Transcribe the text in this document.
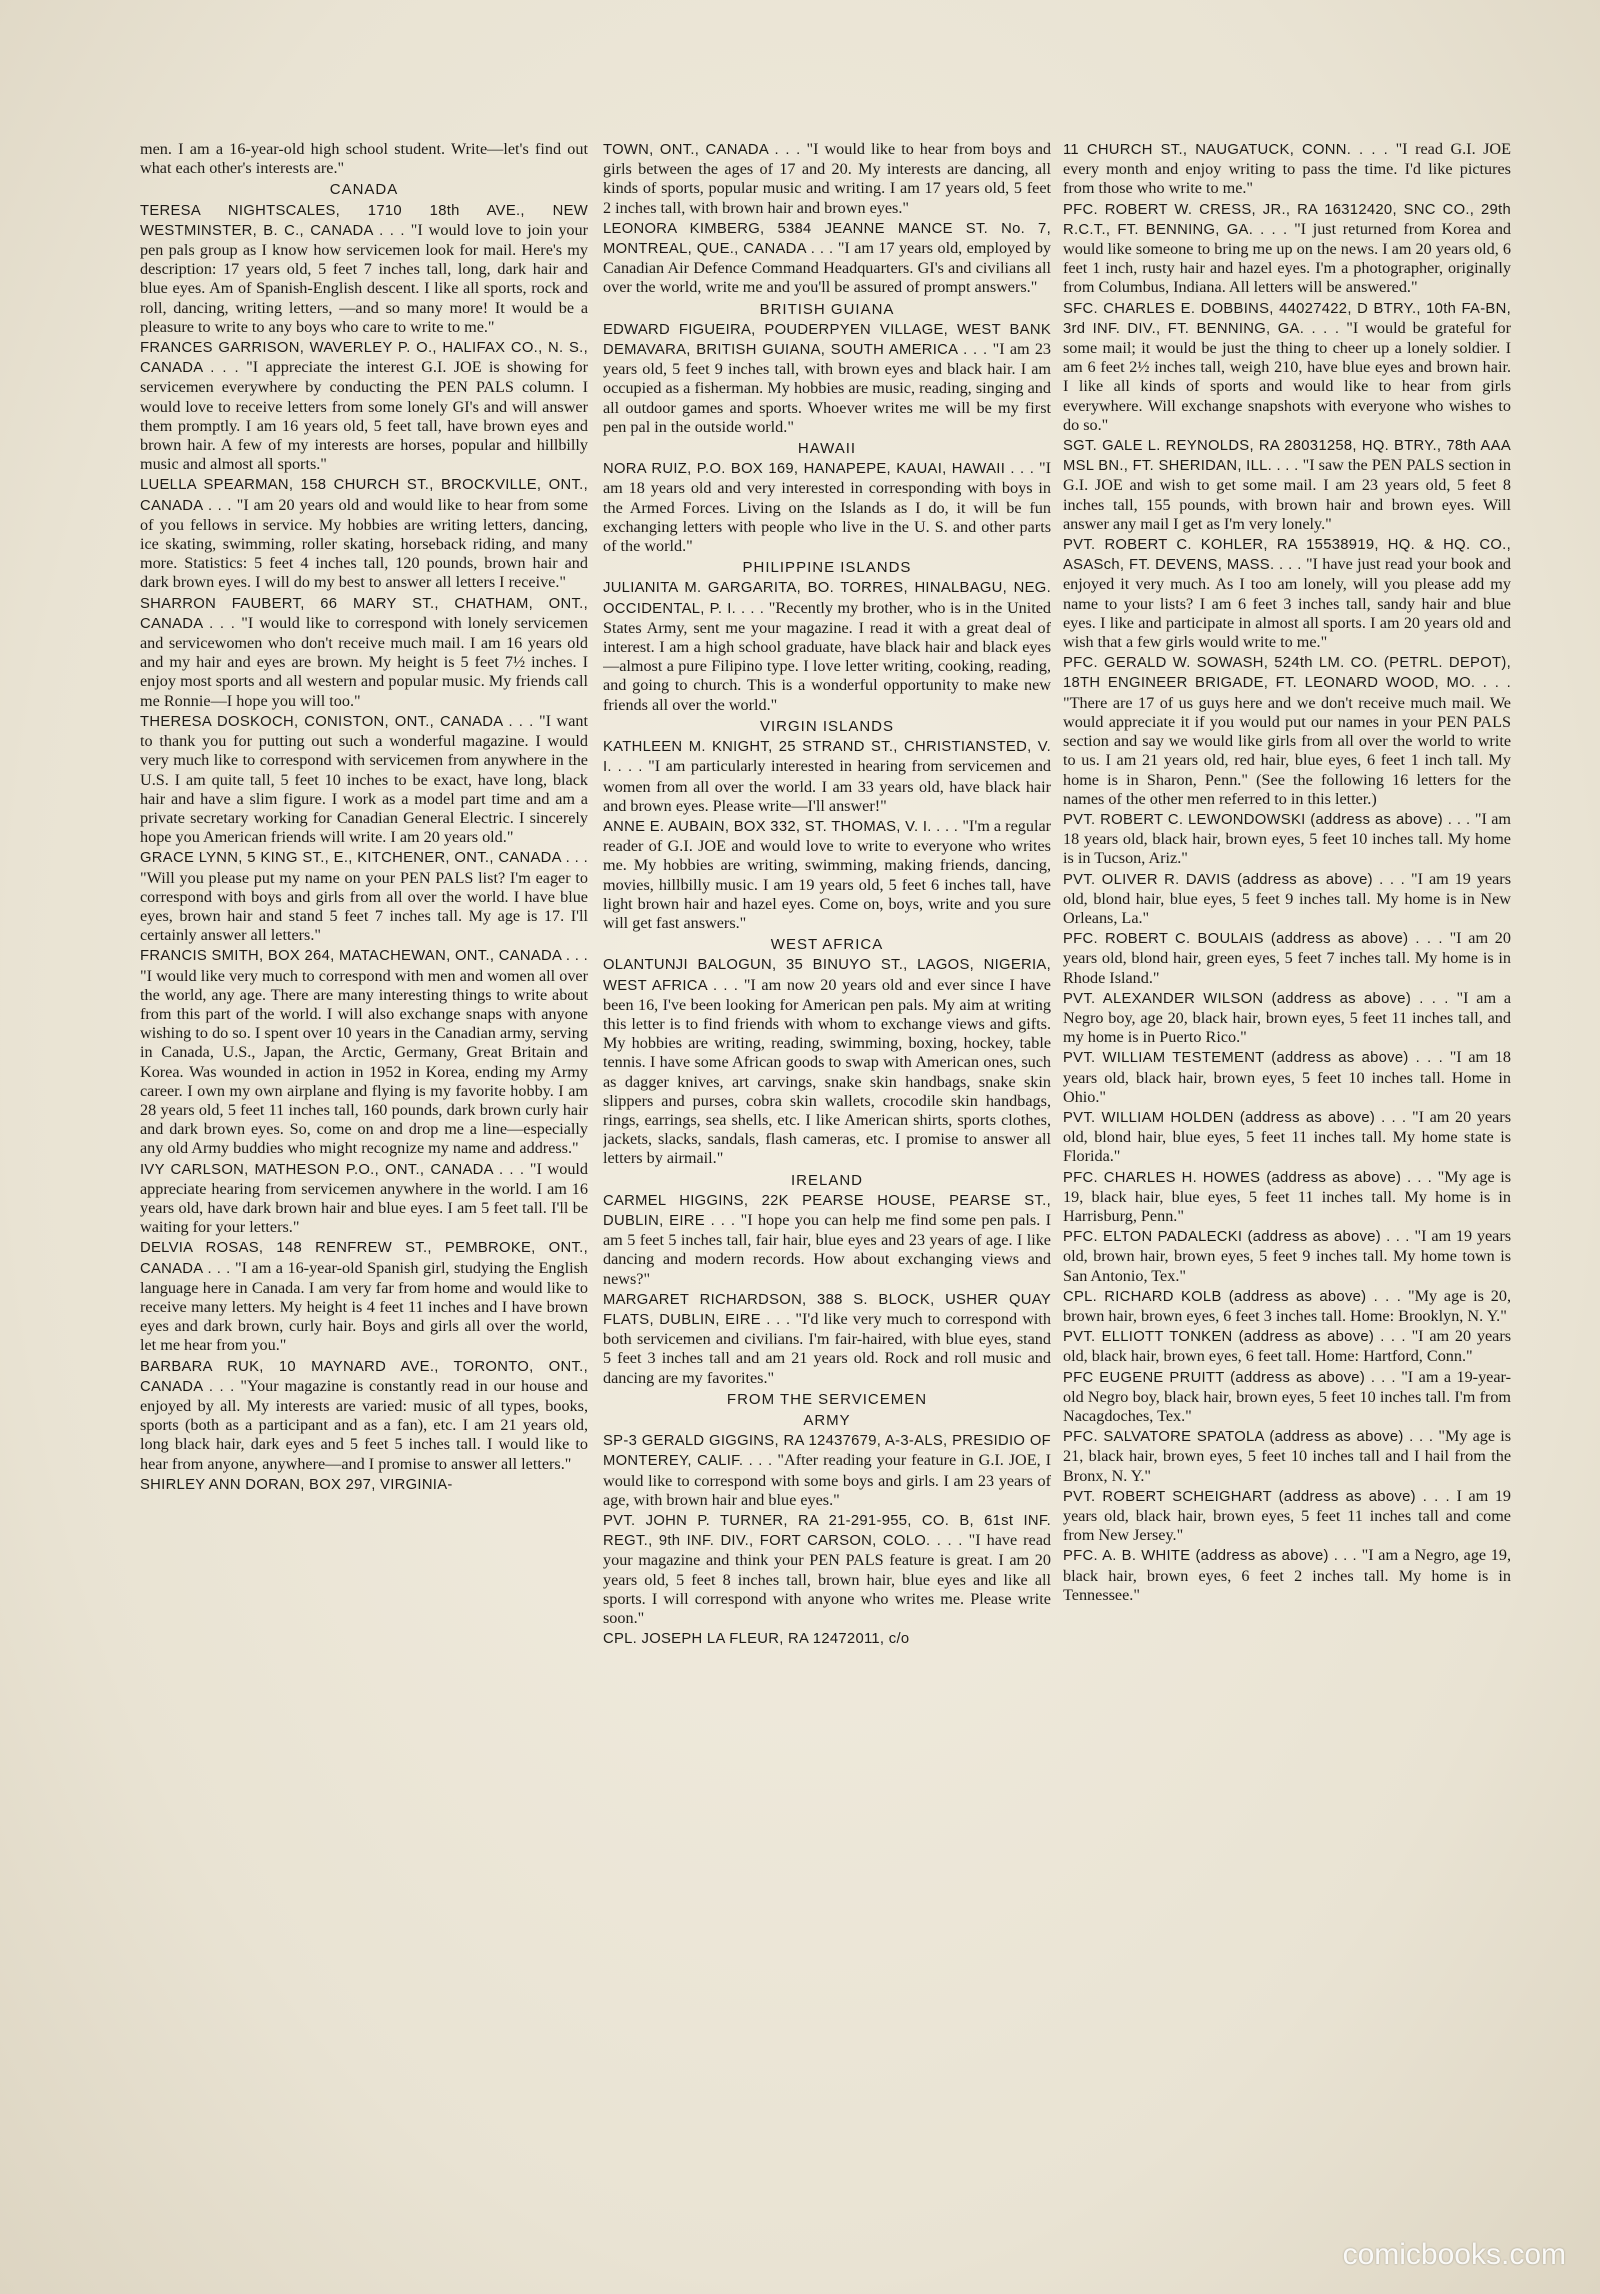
men. I am a 16-year-old high school student. Write—let's find out what each other's interests are."

CANADA

TERESA NIGHTSCALES, 1710 18th AVE., NEW WESTMINSTER, B. C., CANADA . . . "I would love to join your pen pals group as I know how servicemen look for mail. Here's my description: 17 years old, 5 feet 7 inches tall, long, dark hair and blue eyes. Am of Spanish-English descent. I like all sports, rock and roll, dancing, writing letters, —and so many more! It would be a pleasure to write to any boys who care to write to me."

FRANCES GARRISON, WAVERLEY P. O., HALIFAX CO., N. S., CANADA . . . "I appreciate the interest G.I. JOE is showing for servicemen everywhere by conducting the PEN PALS column. I would love to receive letters from some lonely GI's and will answer them promptly. I am 16 years old, 5 feet tall, have brown eyes and brown hair. A few of my interests are horses, popular and hillbilly music and almost all sports."

LUELLA SPEARMAN, 158 CHURCH ST., BROCKVILLE, ONT., CANADA . . . "I am 20 years old and would like to hear from some of you fellows in service. My hobbies are writing letters, dancing, ice skating, swimming, roller skating, horseback riding, and many more. Statistics: 5 feet 4 inches tall, 120 pounds, brown hair and dark brown eyes. I will do my best to answer all letters I receive."

SHARRON FAUBERT, 66 MARY ST., CHATHAM, ONT., CANADA . . . "I would like to correspond with lonely servicemen and servicewomen who don't receive much mail. I am 16 years old and my hair and eyes are brown. My height is 5 feet 7½ inches. I enjoy most sports and all western and popular music. My friends call me Ronnie—I hope you will too."

THERESA DOSKOCH, CONISTON, ONT., CANADA . . . "I want to thank you for putting out such a wonderful magazine. I would very much like to correspond with servicemen from anywhere in the U.S. I am quite tall, 5 feet 10 inches to be exact, have long, black hair and have a slim figure. I work as a model part time and am a private secretary working for Canadian General Electric. I sincerely hope you American friends will write. I am 20 years old."

GRACE LYNN, 5 KING ST., E., KITCHENER, ONT., CANADA . . . "Will you please put my name on your PEN PALS list? I'm eager to correspond with boys and girls from all over the world. I have blue eyes, brown hair and stand 5 feet 7 inches tall. My age is 17. I'll certainly answer all letters."

FRANCIS SMITH, BOX 264, MATACHEWAN, ONT., CANADA . . . "I would like very much to correspond with men and women all over the world, any age. There are many interesting things to write about from this part of the world. I will also exchange snaps with anyone wishing to do so. I spent over 10 years in the Canadian army, serving in Canada, U.S., Japan, the Arctic, Germany, Great Britain and Korea. Was wounded in action in 1952 in Korea, ending my Army career. I own my own airplane and flying is my favorite hobby. I am 28 years old, 5 feet 11 inches tall, 160 pounds, dark brown curly hair and dark brown eyes. So, come on and drop me a line—especially any old Army buddies who might recognize my name and address."

IVY CARLSON, MATHESON P.O., ONT., CANADA . . . "I would appreciate hearing from servicemen anywhere in the world. I am 16 years old, have dark brown hair and blue eyes. I am 5 feet tall. I'll be waiting for your letters."

DELVIA ROSAS, 148 RENFREW ST., PEMBROKE, ONT., CANADA . . . "I am a 16-year-old Spanish girl, studying the English language here in Canada. I am very far from home and would like to receive many letters. My height is 4 feet 11 inches and I have brown eyes and dark brown, curly hair. Boys and girls all over the world, let me hear from you."

BARBARA RUK, 10 MAYNARD AVE., TORONTO, ONT., CANADA . . . "Your magazine is constantly read in our house and enjoyed by all. My interests are varied: music of all types, books, sports (both as a participant and as a fan), etc. I am 21 years old, long black hair, dark eyes and 5 feet 5 inches tall. I would like to hear from anyone, anywhere—and I promise to answer all letters."

SHIRLEY ANN DORAN, BOX 297, VIRGINIA-

TOWN, ONT., CANADA . . . "I would like to hear from boys and girls between the ages of 17 and 20. My interests are dancing, all kinds of sports, popular music and writing. I am 17 years old, 5 feet 2 inches tall, with brown hair and brown eyes."

LEONORA KIMBERG, 5384 JEANNE MANCE ST. No. 7, MONTREAL, QUE., CANADA . . . "I am 17 years old, employed by Canadian Air Defence Command Headquarters. GI's and civilians all over the world, write me and you'll be assured of prompt answers."

BRITISH GUIANA

EDWARD FIGUEIRA, POUDERPYEN VILLAGE, WEST BANK DEMAVARA, BRITISH GUIANA, SOUTH AMERICA . . . "I am 23 years old, 5 feet 9 inches tall, with brown eyes and black hair. I am occupied as a fisherman. My hobbies are music, reading, singing and all outdoor games and sports. Whoever writes me will be my first pen pal in the outside world."

HAWAII

NORA RUIZ, P.O. BOX 169, HANAPEPE, KAUAI, HAWAII . . . "I am 18 years old and very interested in corresponding with boys in the Armed Forces. Living on the Islands as I do, it will be fun exchanging letters with people who live in the U. S. and other parts of the world."

PHILIPPINE ISLANDS

JULIANITA M. GARGARITA, BO. TORRES, HINALBAGU, NEG. OCCIDENTAL, P. I. . . . "Recently my brother, who is in the United States Army, sent me your magazine. I read it with a great deal of interest. I am a high school graduate, have black hair and black eyes—almost a pure Filipino type. I love letter writing, cooking, reading, and going to church. This is a wonderful opportunity to make new friends all over the world."

VIRGIN ISLANDS

KATHLEEN M. KNIGHT, 25 STRAND ST., CHRISTIANSTED, V. I. . . . "I am particularly interested in hearing from servicemen and women from all over the world. I am 33 years old, have black hair and brown eyes. Please write—I'll answer!"

ANNE E. AUBAIN, BOX 332, ST. THOMAS, V. I. . . . "I'm a regular reader of G.I. JOE and would love to write to everyone who writes me. My hobbies are writing, swimming, making friends, dancing, movies, hillbilly music. I am 19 years old, 5 feet 6 inches tall, have light brown hair and hazel eyes. Come on, boys, write and you sure will get fast answers."

WEST AFRICA

OLANTUNJI BALOGUN, 35 BINUYO ST., LAGOS, NIGERIA, WEST AFRICA . . . "I am now 20 years old and ever since I have been 16, I've been looking for American pen pals. My aim at writing this letter is to find friends with whom to exchange views and gifts. My hobbies are writing, reading, swimming, boxing, hockey, table tennis. I have some African goods to swap with American ones, such as dagger knives, art carvings, snake skin handbags, snake skin slippers and purses, cobra skin wallets, crocodile skin handbags, rings, earrings, sea shells, etc. I like American shirts, sports clothes, jackets, slacks, sandals, flash cameras, etc. I promise to answer all letters by airmail."

IRELAND

CARMEL HIGGINS, 22K PEARSE HOUSE, PEARSE ST., DUBLIN, EIRE . . . "I hope you can help me find some pen pals. I am 5 feet 5 inches tall, fair hair, blue eyes and 23 years of age. I like dancing and modern records. How about exchanging views and news?"

MARGARET RICHARDSON, 388 S. BLOCK, USHER QUAY FLATS, DUBLIN, EIRE . . . "I'd like very much to correspond with both servicemen and civilians. I'm fair-haired, with blue eyes, stand 5 feet 3 inches tall and am 21 years old. Rock and roll music and dancing are my favorites."

FROM THE SERVICEMEN

ARMY

SP-3 GERALD GIGGINS, RA 12437679, A-3-ALS, PRESIDIO OF MONTEREY, CALIF. . . . "After reading your feature in G.I. JOE, I would like to correspond with some boys and girls. I am 23 years of age, with brown hair and blue eyes."

PVT. JOHN P. TURNER, RA 21-291-955, CO. B, 61st INF. REGT., 9th INF. DIV., FORT CARSON, COLO. . . . "I have read your magazine and think your PEN PALS feature is great. I am 20 years old, 5 feet 8 inches tall, brown hair, blue eyes and like all sports. I will correspond with anyone who writes me. Please write soon."

CPL. JOSEPH LA FLEUR, RA 12472011, c/o

11 CHURCH ST., NAUGATUCK, CONN. . . . "I read G.I. JOE every month and enjoy writing to pass the time. I'd like pictures from those who write to me."

PFC. ROBERT W. CRESS, JR., RA 16312420, SNC CO., 29th R.C.T., FT. BENNING, GA. . . . "I just returned from Korea and would like someone to bring me up on the news. I am 20 years old, 6 feet 1 inch, rusty hair and hazel eyes. I'm a photographer, originally from Columbus, Indiana. All letters will be answered."

SFC. CHARLES E. DOBBINS, 44027422, D BTRY., 10th FA-BN, 3rd INF. DIV., FT. BENNING, GA. . . . "I would be grateful for some mail; it would be just the thing to cheer up a lonely soldier. I am 6 feet 2½ inches tall, weigh 210, have blue eyes and brown hair. I like all kinds of sports and would like to hear from girls everywhere. Will exchange snapshots with everyone who wishes to do so."

SGT. GALE L. REYNOLDS, RA 28031258, HQ. BTRY., 78th AAA MSL BN., FT. SHERIDAN, ILL. . . . "I saw the PEN PALS section in G.I. JOE and wish to get some mail. I am 23 years old, 5 feet 8 inches tall, 155 pounds, with brown hair and brown eyes. Will answer any mail I get as I'm very lonely."

PVT. ROBERT C. KOHLER, RA 15538919, HQ. & HQ. CO., ASASch, FT. DEVENS, MASS. . . . "I have just read your book and enjoyed it very much. As I too am lonely, will you please add my name to your lists? I am 6 feet 3 inches tall, sandy hair and blue eyes. I like and participate in almost all sports. I am 20 years old and wish that a few girls would write to me."

PFC. GERALD W. SOWASH, 524th LM. CO. (PETRL. DEPOT), 18TH ENGINEER BRIGADE, FT. LEONARD WOOD, MO. . . . "There are 17 of us guys here and we don't receive much mail. We would appreciate it if you would put our names in your PEN PALS section and say we would like girls from all over the world to write to us. I am 21 years old, red hair, blue eyes, 6 feet 1 inch tall. My home is in Sharon, Penn." (See the following 16 letters for the names of the other men referred to in this letter.)

PVT. ROBERT C. LEWONDOWSKI (address as above) . . . "I am 18 years old, black hair, brown eyes, 5 feet 10 inches tall. My home is in Tucson, Ariz."

PVT. OLIVER R. DAVIS (address as above) . . . "I am 19 years old, blond hair, blue eyes, 5 feet 9 inches tall. My home is in New Orleans, La."

PFC. ROBERT C. BOULAIS (address as above) . . . "I am 20 years old, blond hair, green eyes, 5 feet 7 inches tall. My home is in Rhode Island."

PVT. ALEXANDER WILSON (address as above) . . . "I am a Negro boy, age 20, black hair, brown eyes, 5 feet 11 inches tall, and my home is in Puerto Rico."

PVT. WILLIAM TESTEMENT (address as above) . . . "I am 18 years old, black hair, brown eyes, 5 feet 10 inches tall. Home in Ohio."

PVT. WILLIAM HOLDEN (address as above) . . . "I am 20 years old, blond hair, blue eyes, 5 feet 11 inches tall. My home state is Florida."

PFC. CHARLES H. HOWES (address as above) . . . "My age is 19, black hair, blue eyes, 5 feet 11 inches tall. My home is in Harrisburg, Penn."

PFC. ELTON PADALECKI (address as above) . . . "I am 19 years old, brown hair, brown eyes, 5 feet 9 inches tall. My home town is San Antonio, Tex."

CPL. RICHARD KOLB (address as above) . . . "My age is 20, brown hair, brown eyes, 6 feet 3 inches tall. Home: Brooklyn, N. Y."

PVT. ELLIOTT TONKEN (address as above) . . . "I am 20 years old, black hair, brown eyes, 6 feet tall. Home: Hartford, Conn."

PFC EUGENE PRUITT (address as above) . . . "I am a 19-year-old Negro boy, black hair, brown eyes, 5 feet 10 inches tall. I'm from Nacagdoches, Tex."

PFC. SALVATORE SPATOLA (address as above) . . . "My age is 21, black hair, brown eyes, 5 feet 10 inches tall and I hail from the Bronx, N. Y."

PVT. ROBERT SCHEIGHART (address as above) . . . I am 19 years old, black hair, brown eyes, 5 feet 11 inches tall and come from New Jersey."

PFC. A. B. WHITE (address as above) . . . "I am a Negro, age 19, black hair, brown eyes, 6 feet 2 inches tall. My home is in Tennessee."

comicbooks.com
